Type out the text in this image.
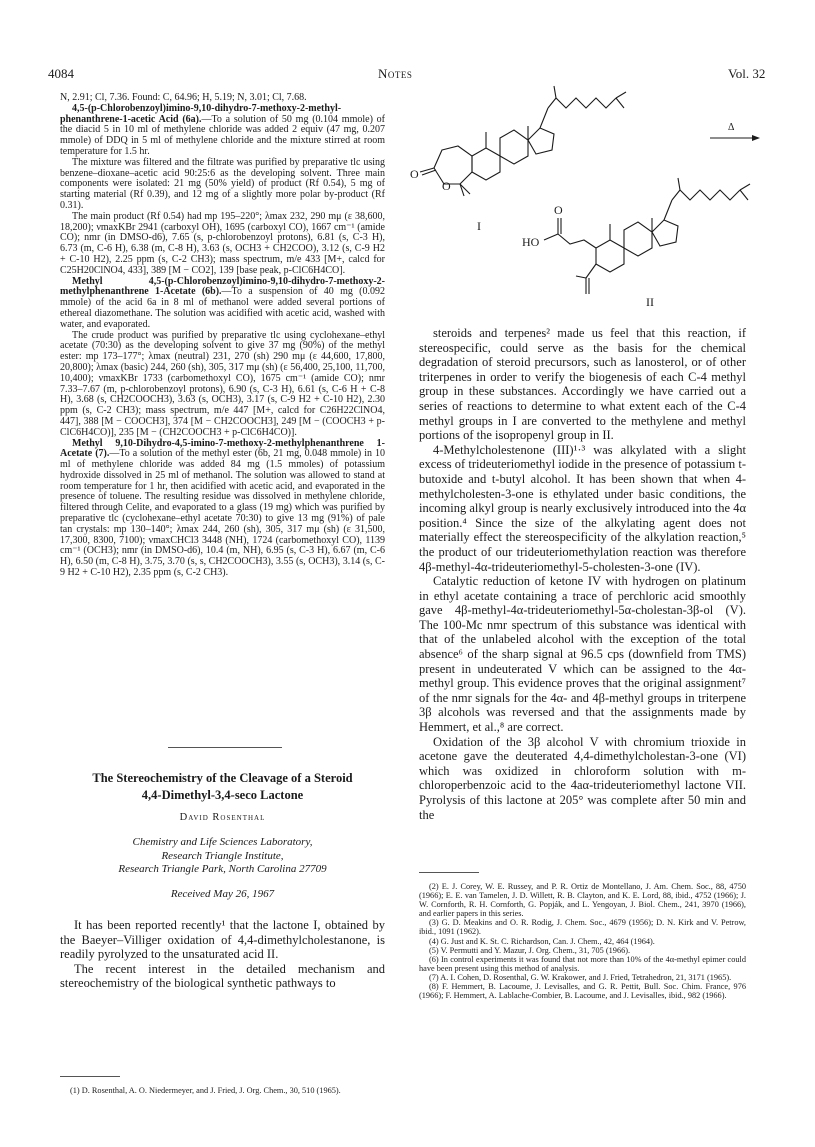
4084	Notes	Vol. 32

N, 2.91; Cl, 7.36. Found: C, 64.96; H, 5.19; N, 3.01; Cl, 7.68.

4,5-(p-Chlorobenzoyl)imino-9,10-dihydro-7-methoxy-2-methyl-phenanthrene-1-acetic Acid (6a).—To a solution of 50 mg (0.104 mmole) of the diacid 5 in 10 ml of methylene chloride was added 2 equiv (47 mg, 0.207 mmole) of DDQ in 5 ml of methylene chloride and the mixture stirred at room temperature for 1.5 hr.

The mixture was filtered and the filtrate was purified by preparative tlc using benzene–dioxane–acetic acid 90:25:6 as the developing solvent. Three main components were isolated: 21 mg (50% yield) of product (Rf 0.54), 5 mg of starting material (Rf 0.39), and 12 mg of a slightly more polar by-product (Rf 0.31).

The main product (Rf 0.54) had mp 195–220°; λmax 232, 290 mμ (ε 38,600, 18,200); νmaxKBr 2941 (carboxyl OH), 1695 (carboxyl CO), 1667 cm⁻¹ (amide CO); nmr (in DMSO-d6), 7.65 (s, p-chlorobenzoyl protons), 6.81 (s, C-3 H), 6.73 (m, C-6 H), 6.38 (m, C-8 H), 3.63 (s, OCH3 + CH2COO), 3.12 (s, C-9 H2 + C-10 H2), 2.25 ppm (s, C-2 CH3); mass spectrum, m/e 433 [M+, calcd for C25H20ClNO4, 433], 389 [M − CO2], 139 [base peak, p-ClC6H4CO].

Methyl 4,5-(p-Chlorobenzoyl)imino-9,10-dihydro-7-methoxy-2-methylphenanthrene 1-Acetate (6b).—To a suspension of 40 mg (0.092 mmole) of the acid 6a in 8 ml of methanol were added several portions of ethereal diazomethane. The solution was acidified with acetic acid, washed with water, and evaporated.

The crude product was purified by preparative tlc using cyclohexane–ethyl acetate (70:30) as the developing solvent to give 37 mg (90%) of the methyl ester: mp 173–177°; λmax (neutral) 231, 270 (sh) 290 mμ (ε 44,600, 17,800, 20,800); λmax (basic) 244, 260 (sh), 305, 317 mμ (sh) (ε 56,400, 25,100, 11,700, 10,400); νmaxKBr 1733 (carbomethoxyl CO), 1675 cm⁻¹ (amide CO); nmr 7.33–7.67 (m, p-chlorobenzoyl protons), 6.90 (s, C-3 H), 6.61 (s, C-6 H + C-8 H), 3.68 (s, CH2COOCH3), 3.63 (s, OCH3), 3.17 (s, C-9 H2 + C-10 H2), 2.30 ppm (s, C-2 CH3); mass spectrum, m/e 447 [M+, calcd for C26H22ClNO4, 447], 388 [M − COOCH3], 374 [M − CH2COOCH3], 249 [M − (COOCH3 + p-ClC6H4CO)], 235 [M − (CH2COOCH3 + p-ClC6H4CO)].

Methyl 9,10-Dihydro-4,5-imino-7-methoxy-2-methylphenanthrene 1-Acetate (7).—To a solution of the methyl ester (6b, 21 mg, 0.048 mmole) in 10 ml of methylene chloride was added 84 mg (1.5 mmoles) of potassium hydroxide dissolved in 25 ml of methanol. The solution was allowed to stand at room temperature for 1 hr, then acidified with acetic acid, and evaporated in the presence of toluene. The resulting residue was dissolved in methylene chloride, filtered through Celite, and evaporated to a glass (19 mg) which was purified by preparative tlc (cyclohexane–ethyl acetate 70:30) to give 13 mg (91%) of pale tan crystals: mp 130–140°; λmax 244, 260 (sh), 305, 317 mμ (sh) (ε 31,500, 17,300, 8300, 7100); νmaxCHCl3 3448 (NH), 1724 (carbomethoxyl CO), 1139 cm⁻¹ (OCH3); nmr (in DMSO-d6), 10.4 (m, NH), 6.95 (s, C-3 H), 6.67 (m, C-6 H), 6.50 (m, C-8 H), 3.75, 3.70 (s, s, CH2COOCH3), 3.55 (s, OCH3), 3.14 (s, C-9 H2 + C-10 H2), 2.35 ppm (s, C-2 CH3).

The Stereochemistry of the Cleavage of a Steroid
4,4-Dimethyl-3,4-seco Lactone
David Rosenthal
Chemistry and Life Sciences Laboratory,
Research Triangle Institute,
Research Triangle Park, North Carolina 27709
Received May 26, 1967

It has been reported recently¹ that the lactone I, obtained by the Baeyer–Villiger oxidation of 4,4-dimethylcholestanone, is readily pyrolyzed to the unsaturated acid II.

The recent interest in the detailed mechanism and stereochemistry of the biological synthetic pathways to

(1) D. Rosenthal, A. O. Niedermeyer, and J. Fried, J. Org. Chem., 30, 510 (1965).

O
O
I
Δ
O
HO
II

steroids and terpenes² made us feel that this reaction, if stereospecific, could serve as the basis for the chemical degradation of steroid precursors, such as lanosterol, or of other triterpenes in order to verify the biogenesis of each C-4 methyl group in these substances. Accordingly we have carried out a series of reactions to determine to what extent each of the C-4 methyl groups in I are converted to the methylene and methyl portions of the isopropenyl group in II.

4-Methylcholestenone (III)¹·³ was alkylated with a slight excess of trideuteriomethyl iodide in the presence of potassium t-butoxide and t-butyl alcohol. It has been shown that when 4-methylcholesten-3-one is ethylated under basic conditions, the incoming alkyl group is nearly exclusively introduced into the 4α position.⁴ Since the size of the alkylating agent does not materially effect the stereospecificity of the alkylation reaction,⁵ the product of our trideuteriomethylation reaction was therefore 4β-methyl-4α-trideuteriomethyl-5-cholesten-3-one (IV).

Catalytic reduction of ketone IV with hydrogen on platinum in ethyl acetate containing a trace of perchloric acid smoothly gave 4β-methyl-4α-trideuteriomethyl-5α-cholestan-3β-ol (V). The 100-Mc nmr spectrum of this substance was identical with that of the unlabeled alcohol with the exception of the total absence⁶ of the sharp signal at 96.5 cps (downfield from TMS) present in undeuterated V which can be assigned to the 4α-methyl group. This evidence proves that the original assignment⁷ of the nmr signals for the 4α- and 4β-methyl groups in triterpene 3β alcohols was reversed and that the assignments made by Hemmert, et al.,⁸ are correct.

Oxidation of the 3β alcohol V with chromium trioxide in acetone gave the deuterated 4,4-dimethylcholestan-3-one (VI) which was oxidized in chloroform solution with m-chloroperbenzoic acid to the 4aα-trideuteriomethyl lactone VII. Pyrolysis of this lactone at 205° was complete after 50 min and the

(2) E. J. Corey, W. E. Russey, and P. R. Ortiz de Montellano, J. Am. Chem. Soc., 88, 4750 (1966); E. E. van Tamelen, J. D. Willett, R. B. Clayton, and K. E. Lord, 88, ibid., 4752 (1966); J. W. Cornforth, R. H. Cornforth, G. Popják, and L. Yengoyan, J. Biol. Chem., 241, 3970 (1966), and earlier papers in this series.

(3) G. D. Meakins and O. R. Rodig, J. Chem. Soc., 4679 (1956); D. N. Kirk and V. Petrow, ibid., 1091 (1962).

(4) G. Just and K. St. C. Richardson, Can. J. Chem., 42, 464 (1964).

(5) V. Permutti and Y. Mazur, J. Org. Chem., 31, 705 (1966).

(6) In control experiments it was found that not more than 10% of the 4α-methyl epimer could have been present using this method of analysis.

(7) A. I. Cohen, D. Rosenthal, G. W. Krakower, and J. Fried, Tetrahedron, 21, 3171 (1965).

(8) F. Hemmert, B. Lacoume, J. Levisalles, and G. R. Pettit, Bull. Soc. Chim. France, 976 (1966); F. Hemmert, A. Lablache-Combier, B. Lacoume, and J. Levisalles, ibid., 982 (1966).
